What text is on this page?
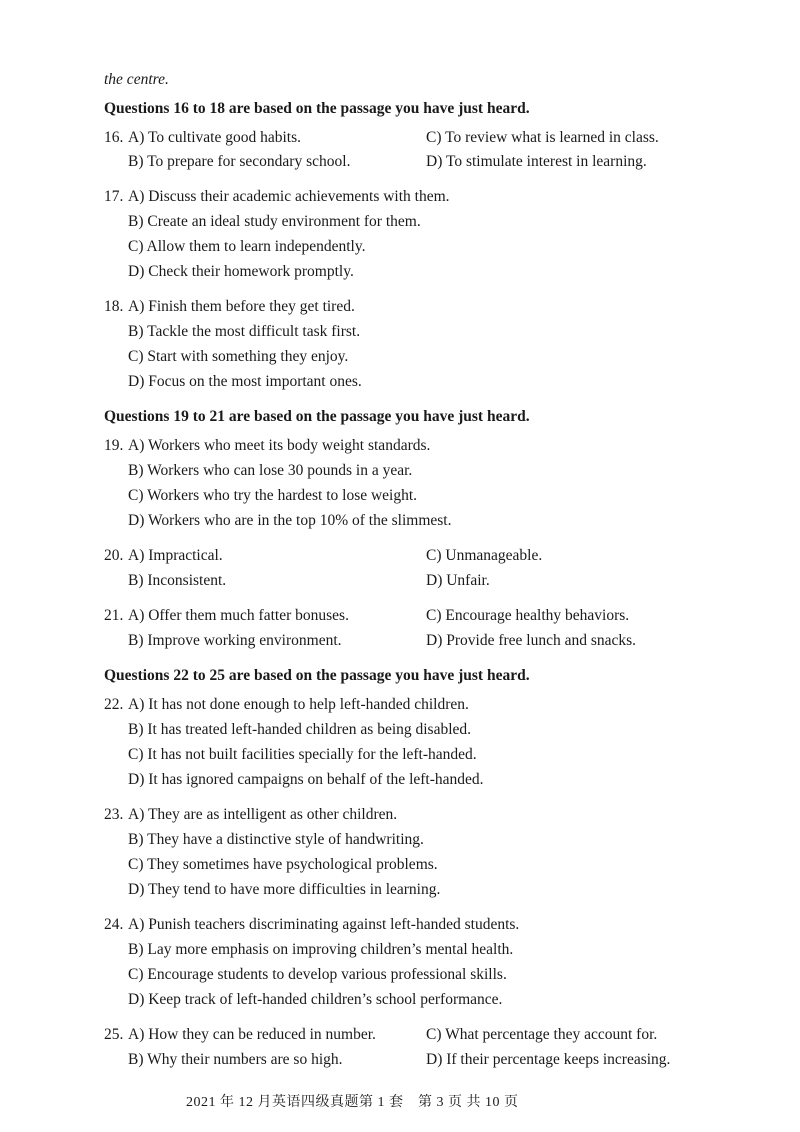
the centre.
Questions 16 to 18 are based on the passage you have just heard.
16. A) To cultivate good habits.
B) To prepare for secondary school.
C) To review what is learned in class.
D) To stimulate interest in learning.
17. A) Discuss their academic achievements with them.
B) Create an ideal study environment for them.
C) Allow them to learn independently.
D) Check their homework promptly.
18. A) Finish them before they get tired.
B) Tackle the most difficult task first.
C) Start with something they enjoy.
D) Focus on the most important ones.
Questions 19 to 21 are based on the passage you have just heard.
19. A) Workers who meet its body weight standards.
B) Workers who can lose 30 pounds in a year.
C) Workers who try the hardest to lose weight.
D) Workers who are in the top 10% of the slimmest.
20. A) Impractical.
B) Inconsistent.
C) Unmanageable.
D) Unfair.
21. A) Offer them much fatter bonuses.
B) Improve working environment.
C) Encourage healthy behaviors.
D) Provide free lunch and snacks.
Questions 22 to 25 are based on the passage you have just heard.
22. A) It has not done enough to help left-handed children.
B) It has treated left-handed children as being disabled.
C) It has not built facilities specially for the left-handed.
D) It has ignored campaigns on behalf of the left-handed.
23. A) They are as intelligent as other children.
B) They have a distinctive style of handwriting.
C) They sometimes have psychological problems.
D) They tend to have more difficulties in learning.
24. A) Punish teachers discriminating against left-handed students.
B) Lay more emphasis on improving children’s mental health.
C) Encourage students to develop various professional skills.
D) Keep track of left-handed children’s school performance.
25. A) How they can be reduced in number.
B) Why their numbers are so high.
C) What percentage they account for.
D) If their percentage keeps increasing.
2021 年 12 月英语四级真题第 1 套　第 3 页 共 10 页
